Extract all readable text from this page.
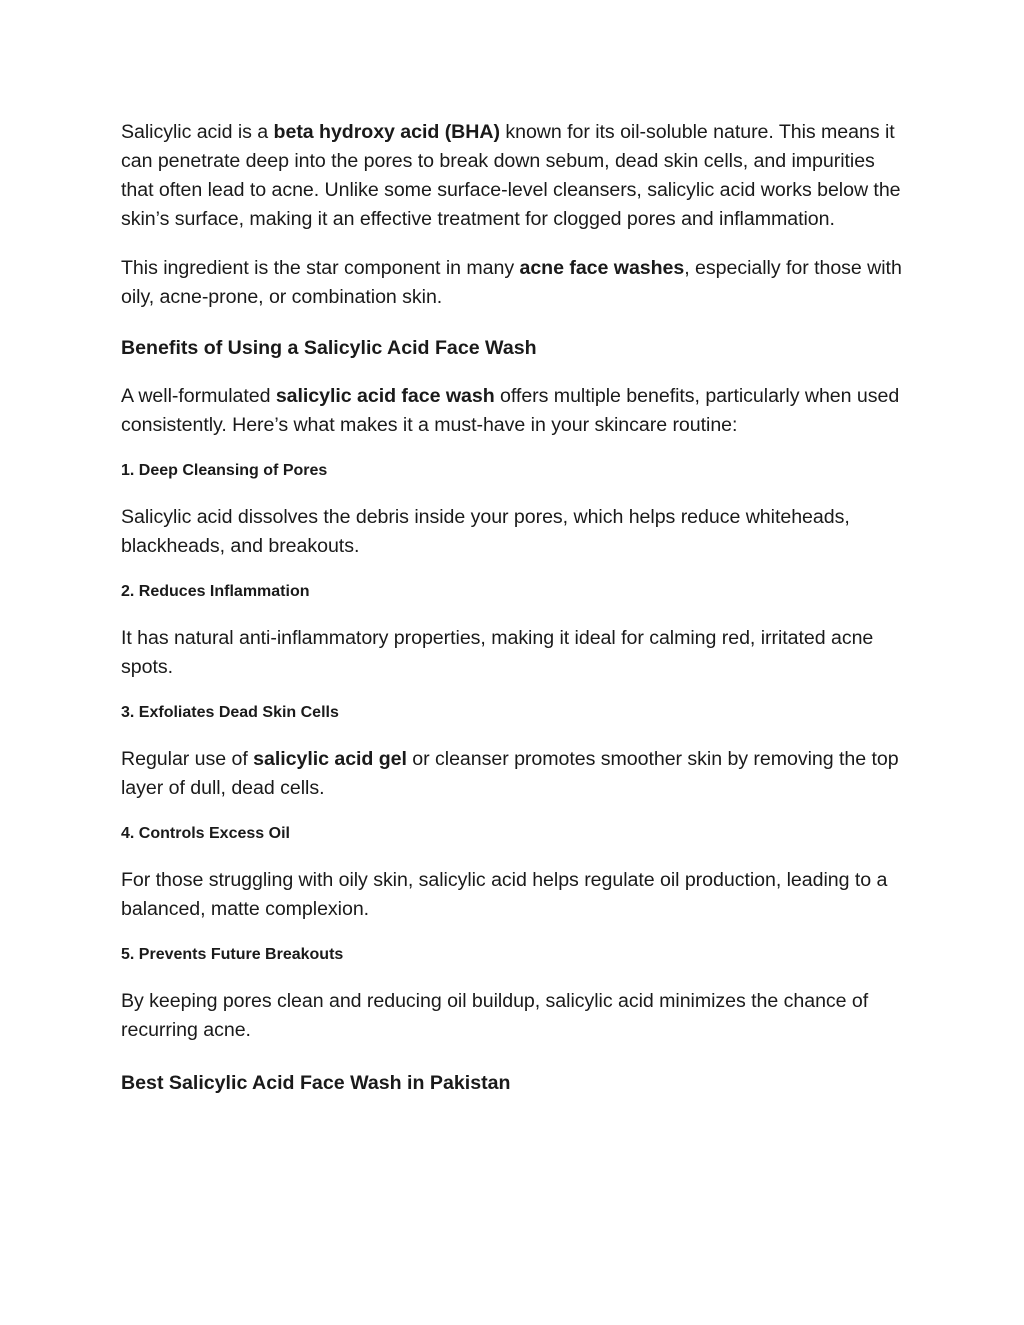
Salicylic acid is a beta hydroxy acid (BHA) known for its oil-soluble nature. This means it can penetrate deep into the pores to break down sebum, dead skin cells, and impurities that often lead to acne. Unlike some surface-level cleansers, salicylic acid works below the skin’s surface, making it an effective treatment for clogged pores and inflammation.

This ingredient is the star component in many acne face washes, especially for those with oily, acne-prone, or combination skin.

Benefits of Using a Salicylic Acid Face Wash

A well-formulated salicylic acid face wash offers multiple benefits, particularly when used consistently. Here’s what makes it a must-have in your skincare routine:

1. Deep Cleansing of Pores

Salicylic acid dissolves the debris inside your pores, which helps reduce whiteheads, blackheads, and breakouts.

2. Reduces Inflammation

It has natural anti-inflammatory properties, making it ideal for calming red, irritated acne spots.

3. Exfoliates Dead Skin Cells

Regular use of salicylic acid gel or cleanser promotes smoother skin by removing the top layer of dull, dead cells.

4. Controls Excess Oil

For those struggling with oily skin, salicylic acid helps regulate oil production, leading to a balanced, matte complexion.

5. Prevents Future Breakouts

By keeping pores clean and reducing oil buildup, salicylic acid minimizes the chance of recurring acne.

Best Salicylic Acid Face Wash in Pakistan
